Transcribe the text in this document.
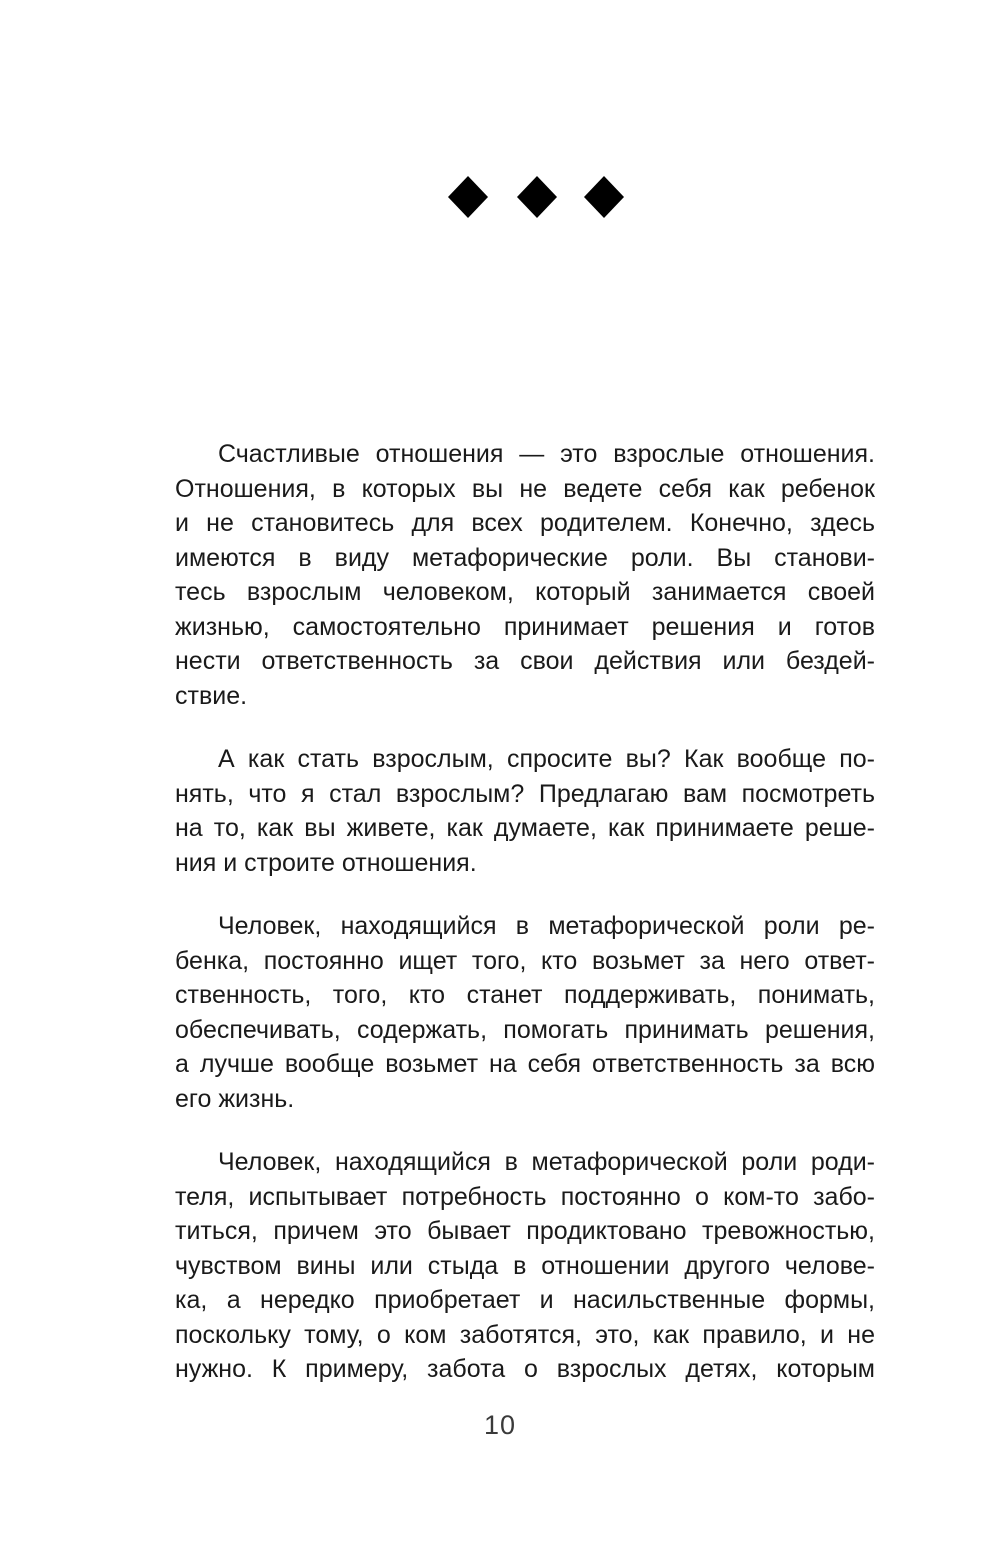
Счастливые отношения — это взрослые отношения.
Отношения, в которых вы не ведете себя как ребенок
и не становитесь для всех родителем. Конечно, здесь
имеются в виду метафорические роли. Вы станови-
тесь взрослым человеком, который занимается своей
жизнью, самостоятельно принимает решения и готов
нести ответственность за свои действия или бездей-
ствие.
А как стать взрослым, спросите вы? Как вообще по-
нять, что я стал взрослым? Предлагаю вам посмотреть
на то, как вы живете, как думаете, как принимаете реше-
ния и строите отношения.
Человек, находящийся в метафорической роли ре-
бенка, постоянно ищет того, кто возьмет за него ответ-
ственность, того, кто станет поддерживать, понимать,
обеспечивать, содержать, помогать принимать решения,
а лучше вообще возьмет на себя ответственность за всю
его жизнь.
Человек, находящийся в метафорической роли роди-
теля, испытывает потребность постоянно о ком-то забо-
титься, причем это бывает продиктовано тревожностью,
чувством вины или стыда в отношении другого челове-
ка, а нередко приобретает и насильственные формы,
поскольку тому, о ком заботятся, это, как правило, и не
нужно. К примеру, забота о взрослых детях, которым
10
